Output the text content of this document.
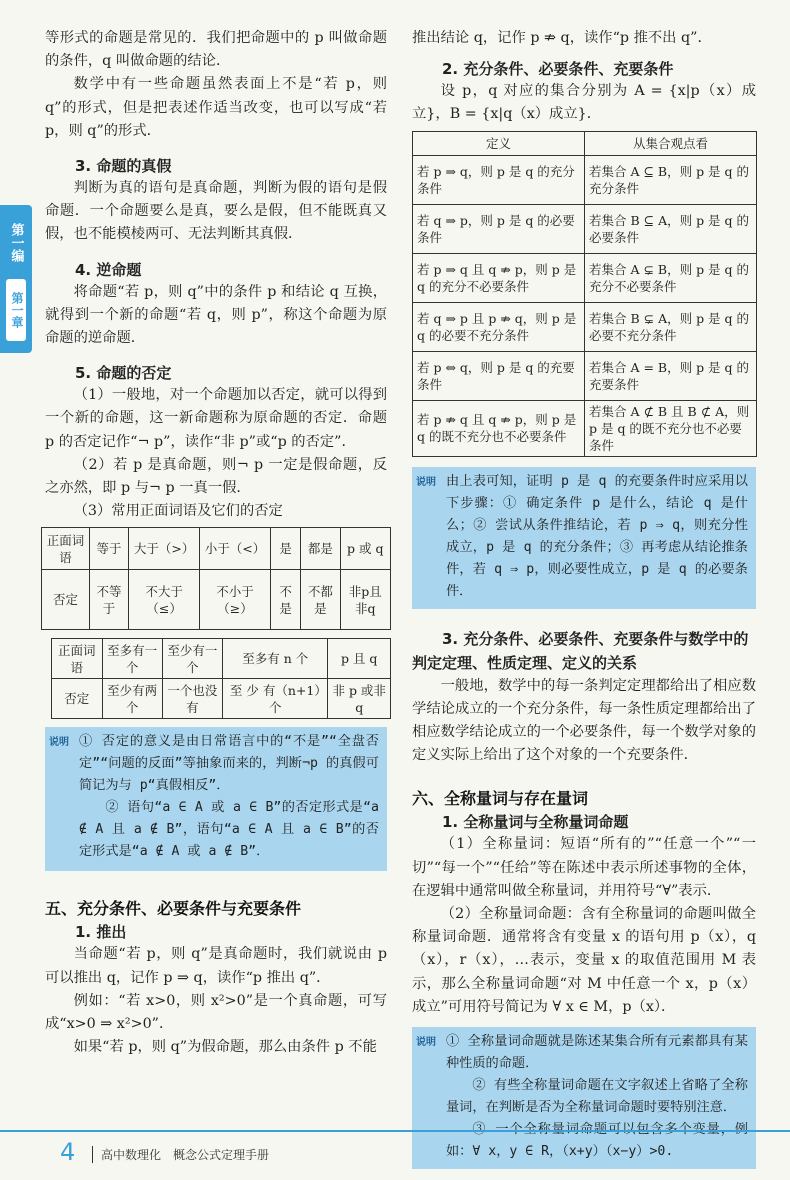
第一编
第一章

等形式的命题是常见的．我们把命题中的 p 叫做命题的条件，q 叫做命题的结论．

数学中有一些命题虽然表面上不是“若 p，则 q”的形式，但是把表述作适当改变，也可以写成“若 p，则 q”的形式．

3. 命题的真假

判断为真的语句是真命题，判断为假的语句是假命题．一个命题要么是真，要么是假，但不能既真又假，也不能模棱两可、无法判断其真假．

4. 逆命题

将命题“若 p，则 q”中的条件 p 和结论 q 互换，就得到一个新的命题“若 q，则 p”，称这个命题为原命题的逆命题．

5. 命题的否定

（1）一般地，对一个命题加以否定，就可以得到一个新的命题，这一新命题称为原命题的否定．命题 p 的否定记作“¬ p”，读作“非 p”或“p 的否定”．

（2）若 p 是真命题，则¬ p 一定是假命题，反之亦然，即 p 与¬ p 一真一假．

（3）常用正面词语及它们的否定

正面词语	等于	大于（>）	小于（<）	是	都是	p 或 q
否定	不等于	不大于（≤）	不小于（≥）	不是	不都是	非p且非q
正面词语	至多有一个	至少有一个	至多有 n 个	p 且 q
否定	至少有两个	一个也没有	至 少 有（n+1）个	非 p 或非 q
说明 ① 否定的意义是由日常语言中的“不是”“全盘否定”“问题的反面”等抽象而来的，判断¬p 的真假可简记为与 p“真假相反”．

② 语句“a ∈ A 或 a ∈ B”的否定形式是“a ∉ A 且 a ∉ B”，语句“a ∈ A 且 a ∈ B”的否定形式是“a ∉ A 或 a ∉ B”．

五、充分条件、必要条件与充要条件
1. 推出

当命题“若 p，则 q”是真命题时，我们就说由 p 可以推出 q，记作 p ⇒ q，读作“p 推出 q”．

例如：“若 x>0，则 x²>0”是一个真命题，可写成“x>0 ⇒ x²>0”．

如果“若 p，则 q”为假命题，那么由条件 p 不能

推出结论 q，记作 p ⇏ q，读作“p 推不出 q”．

2. 充分条件、必要条件、充要条件

设 p，q 对应的集合分别为 A = {x|p（x）成立}，B = {x|q（x）成立}．

定义	从集合观点看
若 p ⇒ q，则 p 是 q 的充分条件	若集合 A ⊆ B，则 p 是 q 的充分条件
若 q ⇒ p，则 p 是 q 的必要条件	若集合 B ⊆ A，则 p 是 q 的必要条件
若 p ⇒ q 且 q ⇏ p，则 p 是 q 的充分不必要条件	若集合 A ⊊ B，则 p 是 q 的充分不必要条件
若 q ⇒ p 且 p ⇏ q，则 p 是 q 的必要不充分条件	若集合 B ⊊ A，则 p 是 q 的必要不充分条件
若 p ⇔ q，则 p 是 q 的充要条件	若集合 A = B，则 p 是 q 的充要条件
若 p ⇏ q 且 q ⇏ p，则 p 是 q 的既不充分也不必要条件	若集合 A ⊄ B 且 B ⊄ A，则 p 是 q 的既不充分也不必要条件
说明 由上表可知，证明 p 是 q 的充要条件时应采用以下步骤：① 确定条件 p 是什么，结论 q 是什么；② 尝试从条件推结论，若 p ⇒ q，则充分性成立，p 是 q 的充分条件；③ 再考虑从结论推条件，若 q ⇒ p，则必要性成立，p 是 q 的必要条件．

3. 充分条件、必要条件、充要条件与数学中的判定定理、性质定理、定义的关系

一般地，数学中的每一条判定定理都给出了相应数学结论成立的一个充分条件，每一条性质定理都给出了相应数学结论成立的一个必要条件，每一个数学对象的定义实际上给出了这个对象的一个充要条件．

六、全称量词与存在量词
1. 全称量词与全称量词命题

（1）全称量词：短语“所有的”“任意一个”“一切”“每一个”“任给”等在陈述中表示所述事物的全体，在逻辑中通常叫做全称量词，并用符号“∀”表示．

（2）全称量词命题：含有全称量词的命题叫做全称量词命题．通常将含有变量 x 的语句用 p（x），q（x），r（x），…表示，变量 x 的取值范围用 M 表示，那么全称量词命题“对 M 中任意一个 x，p（x）成立”可用符号简记为 ∀ x ∈ M，p（x）．

说明 ① 全称量词命题就是陈述某集合所有元素都具有某种性质的命题．

② 有些全称量词命题在文字叙述上省略了全称量词，在判断是否为全称量词命题时要特别注意．

如：∀ x，y ∈ R，（x+y）（x−y）>0.

4	高中数理化　概念公式定理手册
